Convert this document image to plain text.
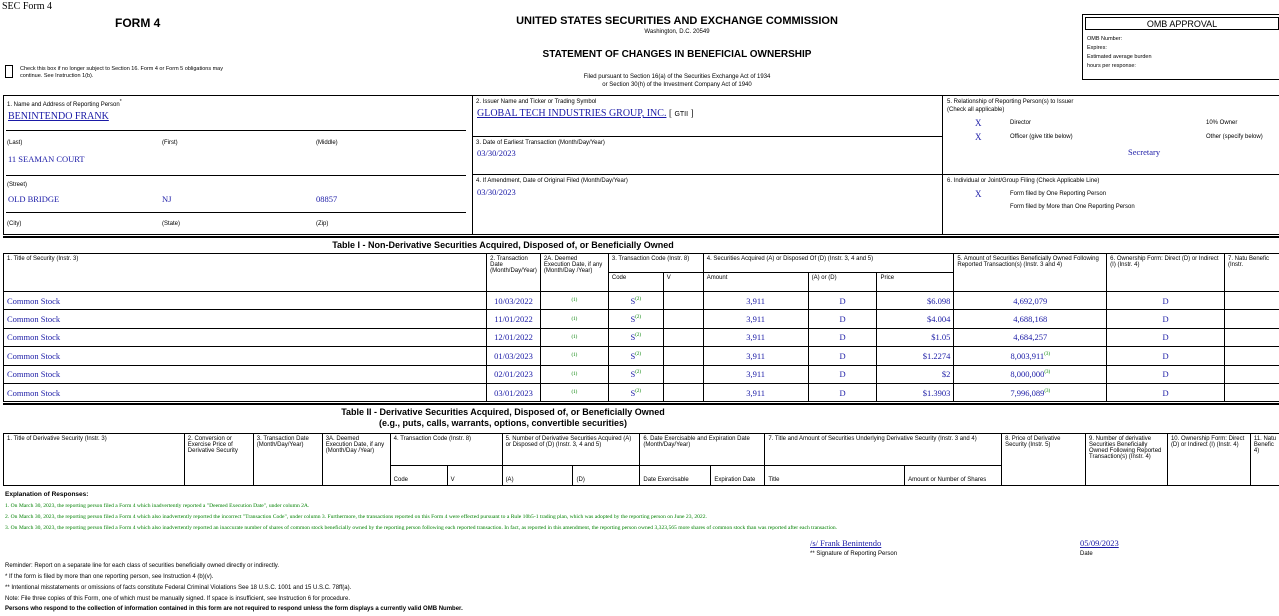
SEC Form 4
FORM 4	UNITED STATES SECURITIES AND EXCHANGE COMMISSION
Washington, D.C. 20549
STATEMENT OF CHANGES IN BENEFICIAL OWNERSHIP
Filed pursuant to Section 16(a) of the Securities Exchange Act of 1934
or Section 30(h) of the Investment Company Act of 1940
Check this box if no longer subject to Section 16. Form 4 or Form 5 obligations may
continue. See Instruction 1(b).
OMB APPROVAL
OMB Number:
Expires:
Estimated average burden
hours per response:
1. Name and Address of Reporting Person*
BENINTENDO FRANK
(Last)	(First)	(Middle)
11 SEAMAN COURT
(Street)
OLD BRIDGE	NJ	08857
(City)	(State)	(Zip)
2. Issuer Name and Ticker or Trading Symbol
GLOBAL TECH INDUSTRIES GROUP, INC. [ GTII ]
3. Date of Earliest Transaction (Month/Day/Year)
03/30/2023
4. If Amendment, Date of Original Filed (Month/Day/Year)
03/30/2023
5. Relationship of Reporting Person(s) to Issuer
(Check all applicable)
X	Director	10% Owner
X	Officer (give title below)	Other (specify below)
Secretary
6. Individual or Joint/Group Filing (Check Applicable Line)
X	Form filed by One Reporting Person
Form filed by More than One Reporting Person
Table I - Non-Derivative Securities Acquired, Disposed of, or Beneficially Owned
1. Title of Security (Instr. 3)	2. Transaction Date (Month/Day/Year)	2A. Deemed Execution Date, if any (Month/Day /Year)	3. Transaction Code (Instr. 8)		4. Securities Acquired (A) or Disposed Of (D) (Instr. 3, 4 and 5)			5. Amount of Securities Beneficially Owned Following Reported Transaction(s) (Instr. 3 and 4)	6. Ownership Form: Direct (D) or Indirect (I) (Instr. 4)	7. Natu Benefic (Instr.
			Code	V	Amount	(A) or (D)	Price			
Common Stock	10/03/2022	(1)	$S^{(2)}$		3,911	D	$6.098	4,692,079	D	
Common Stock	11/01/2022	(1)	$S^{(2)}$		3,911	D	$4.004	4,688,168	D	
Common Stock	12/01/2022	(1)	$S^{(2)}$		3,911	D	$1.05	4,684,257	D	
Common Stock	01/03/2023	(1)	$S^{(2)}$		3,911	D	$1.2274	8,003,911$^{(3)}$	D	
Common Stock	02/01/2023	(1)	$S^{(2)}$		3,911	D	$2	8,000,000$^{(3)}$	D	
Common Stock	03/01/2023	(1)	$S^{(2)}$		3,911	D	$1.3903	7,996,089$^{(3)}$	D	
Table II - Derivative Securities Acquired, Disposed of, or Beneficially Owned
(e.g., puts, calls, warrants, options, convertible securities)
1. Title of Derivative Security (Instr. 3)	2. Conversion or Exercise Price of Derivative Security	3. Transaction Date (Month/Day/Year)	3A. Deemed Execution Date, if any (Month/Day /Year)	4. Transaction Code (Instr. 8)		5. Number of Derivative Securities Acquired (A) or Disposed of (D) (Instr. 3, 4 and 5)		6. Date Exercisable and Expiration Date (Month/Day/Year)		7. Title and Amount of Securities Underlying Derivative Security (Instr. 3 and 4)		8. Price of Derivative Security (Instr. 5)	9. Number of derivative Securities Beneficially Owned Following Reported Transaction(s) (Instr. 4)	10. Ownership Form: Direct (D) or Indirect (I) (Instr. 4)	11. Natu Benefic 4)
				Code	V	(A)	(D)	Date Exercisable	Expiration Date	Title	Amount or Number of Shares				
Explanation of Responses:
1. On March 30, 2023, the reporting person filed a Form 4 which inadvertently reported a "Deemed Execution Date", under column 2A.
2. On March 30, 2023, the reporting person filed a Form 4 which also inadvertently reported the incorrect "Transaction Code", under column 3. Furthermore, the transactions reported on this Form 4 were effected pursuant to a Rule 10b5-1 trading plan, which was adopted by the reporting person on June 23, 2022.
3. On March 30, 2023, the reporting person filed a Form 4 which also inadvertently reported an inaccurate number of shares of common stock beneficially owned by the reporting person following each reported transaction. In fact, as reported in this amendment, the reporting person owned 3,323,565 more shares of common stock than was reported after each transaction.
/s/ Frank Benintendo
** Signature of Reporting Person
05/09/2023
Date
Reminder: Report on a separate line for each class of securities beneficially owned directly or indirectly.
* If the form is filed by more than one reporting person, see Instruction 4 (b)(v).
** Intentional misstatements or omissions of facts constitute Federal Criminal Violations See 18 U.S.C. 1001 and 15 U.S.C. 78ff(a).
Note: File three copies of this Form, one of which must be manually signed. If space is insufficient, see Instruction 6 for procedure.
Persons who respond to the collection of information contained in this form are not required to respond unless the form displays a currently valid OMB Number.
